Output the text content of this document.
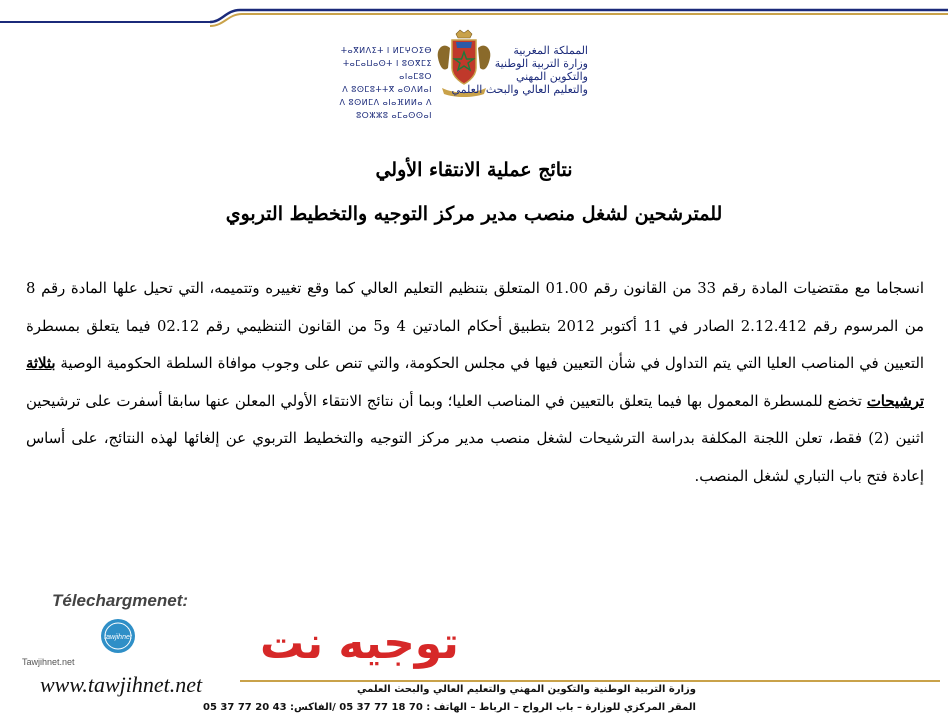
ⵜⴰⴳⵍⴷⵉⵜ ⵏ ⵍⵎⵖⵔⵉⴱ
ⵜⴰⵎⴰⵡⴰⵙⵜ ⵏ ⵓⵙⴳⵎⵉ ⴰⵏⴰⵎⵓⵔ
ⴷ ⵓⵙⵎⵓⵜⵜⴳ ⴰⵙⴷⵍⴰⵏ
ⴷ ⵓⵙⵍⵎⴷ ⴰⵏⴰⴼⵍⵍⴰ ⴷ ⵓⵔⵣⵣⵓ ⴰⵎⴰⵙⵙⴰⵏ
المملكة المغربية
وزارة التربية الوطنية
والتكوين المهني
والتعليم العالي والبحث العلمي
نتائج عملية الانتقاء الأولي
للمترشحين لشغل منصب مدير مركز التوجيه والتخطيط التربوي
انسجاما مع مقتضيات المادة رقم 33 من القانون رقم 01.00 المتعلق بتنظيم التعليم العالي كما وقع تغييره وتتميمه، التي تحيل علها المادة رقم 8 من المرسوم رقم 2.12.412 الصادر في 11 أكتوبر 2012 بتطبيق أحكام المادتين 4 و5 من القانون التنظيمي رقم 02.12 فيما يتعلق بمسطرة التعيين في المناصب العليا التي يتم التداول في شأن التعيين فيها في مجلس الحكومة، والتي تنص على وجوب موافاة السلطة الحكومية الوصية بثلاثة ترشيحات تخضع للمسطرة المعمول بها فيما يتعلق بالتعيين في المناصب العليا؛ وبما أن نتائج الانتقاء الأولي المعلن عنها سابقا أسفرت على ترشيحين اثنين (2) فقط، تعلن اللجنة المكلفة بدراسة الترشيحات لشغل منصب مدير مركز التوجيه والتخطيط التربوي عن إلغائها لهذه النتائج، على أساس إعادة فتح باب التباري لشغل المنصب.
Télechargmenet:
توجيه نت
tawjihnet
Tawjihnet.net
www.tawjihnet.net	وزارة التربية الوطنية والتكوين المهني والتعليم العالي والبحث العلمي
المقر المركزي للوزارة – باب الرواح – الرباط – الهاتف : 70 18 77 37 05 /الفاكس: 43 20 77 37 05
